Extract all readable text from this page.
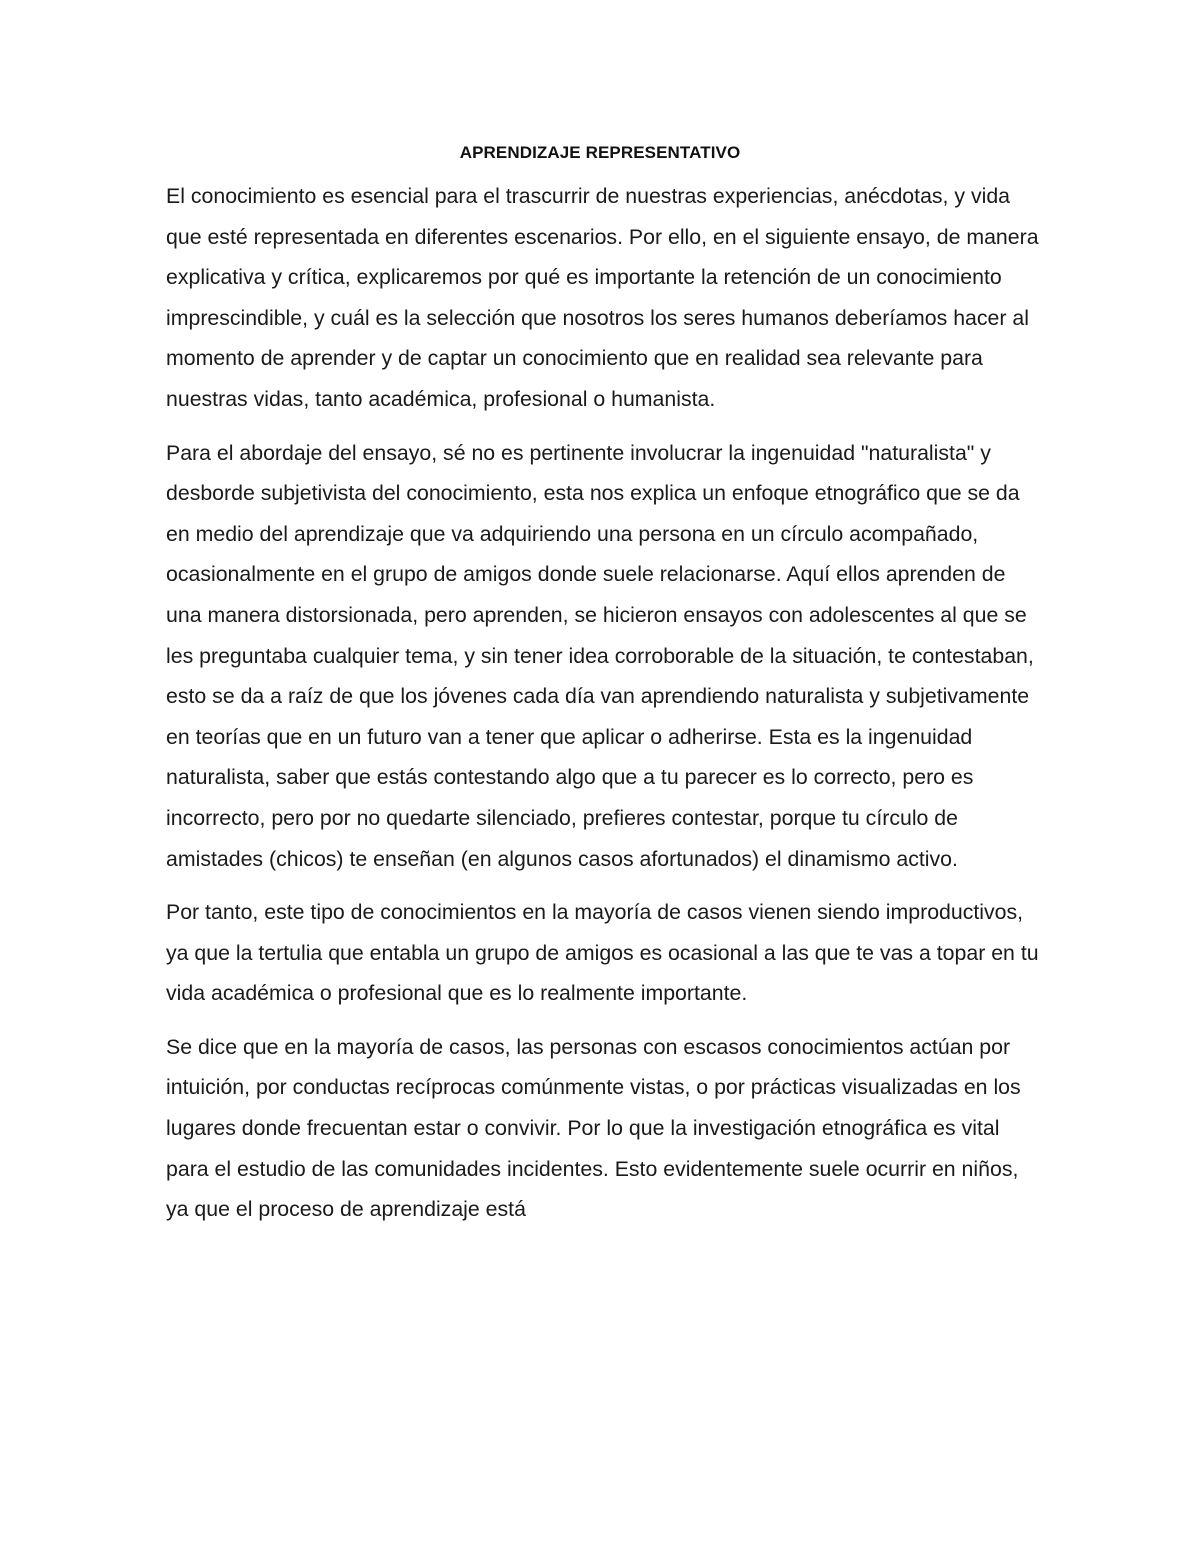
APRENDIZAJE REPRESENTATIVO

El conocimiento es esencial para el trascurrir de nuestras experiencias, anécdotas, y vida que esté representada en diferentes escenarios. Por ello, en el siguiente ensayo, de manera explicativa y crítica, explicaremos por qué es importante la retención de un conocimiento imprescindible, y cuál es la selección que nosotros los seres humanos deberíamos hacer al momento de aprender y de captar un conocimiento que en realidad sea relevante para nuestras vidas, tanto académica, profesional o humanista.

Para el abordaje del ensayo, sé no es pertinente involucrar la ingenuidad "naturalista" y desborde subjetivista del conocimiento, esta nos explica un enfoque etnográfico que se da en medio del aprendizaje que va adquiriendo una persona en un círculo acompañado, ocasionalmente en el grupo de amigos donde suele relacionarse. Aquí ellos aprenden de una manera distorsionada, pero aprenden, se hicieron ensayos con adolescentes al que se les preguntaba cualquier tema, y sin tener idea corroborable de la situación, te contestaban, esto se da a raíz de que los jóvenes cada día van aprendiendo naturalista y subjetivamente en teorías que en un futuro van a tener que aplicar o adherirse. Esta es la ingenuidad naturalista, saber que estás contestando algo que a tu parecer es lo correcto, pero es incorrecto, pero por no quedarte silenciado, prefieres contestar, porque tu círculo de amistades (chicos) te enseñan (en algunos casos afortunados) el dinamismo activo.

Por tanto, este tipo de conocimientos en la mayoría de casos vienen siendo improductivos, ya que la tertulia que entabla un grupo de amigos es ocasional a las que te vas a topar en tu vida académica o profesional que es lo realmente importante.

Se dice que en la mayoría de casos, las personas con escasos conocimientos actúan por intuición, por conductas recíprocas comúnmente vistas, o por prácticas visualizadas en los lugares donde frecuentan estar o convivir. Por lo que la investigación etnográfica es vital para el estudio de las comunidades incidentes. Esto evidentemente suele ocurrir en niños, ya que el proceso de aprendizaje está
